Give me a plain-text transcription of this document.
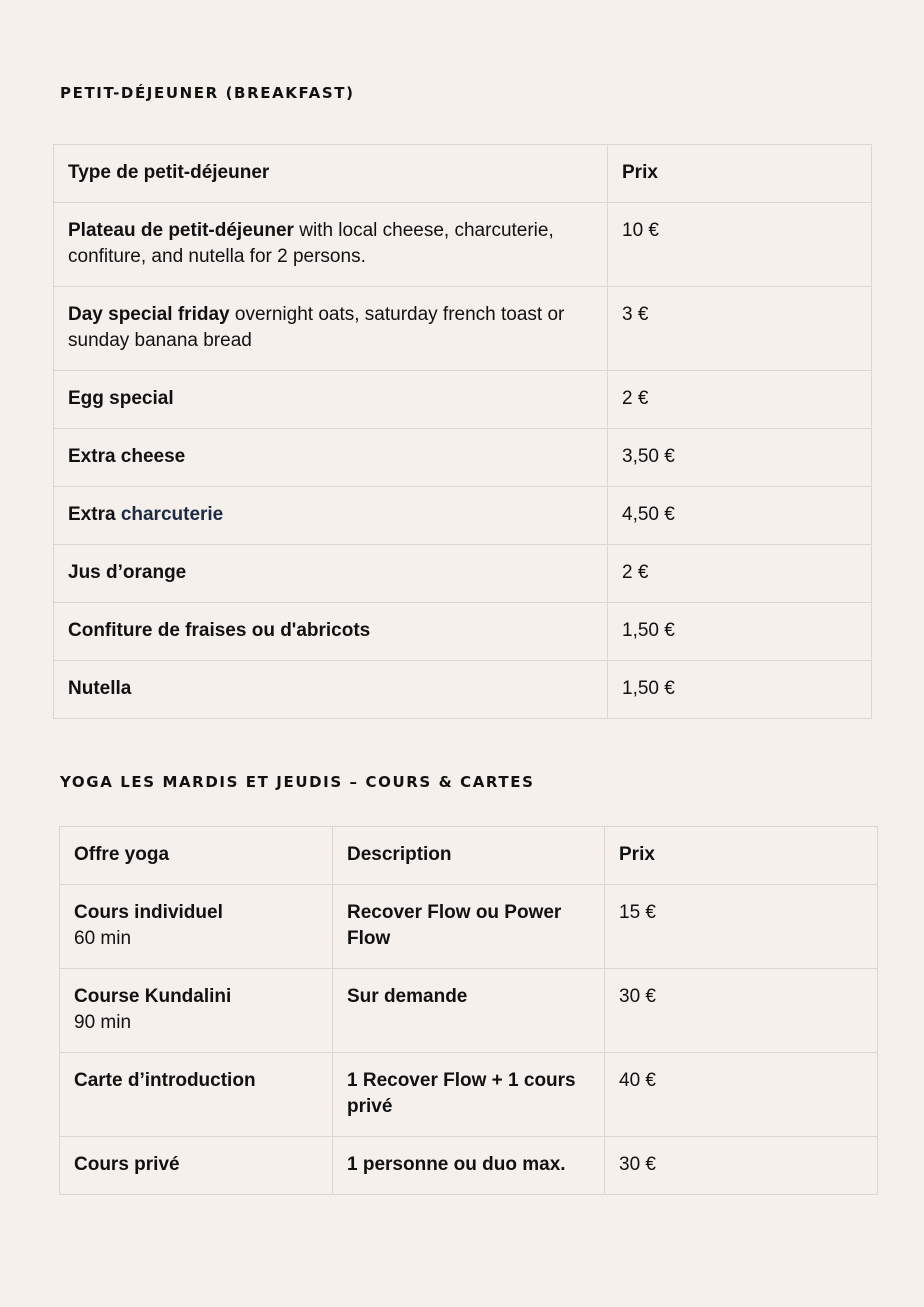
PETIT-DÉJEUNER (BREAKFAST)
Type de petit-déjeuner	Prix
Plateau de petit-déjeuner with local cheese, charcuterie, confiture, and nutella for 2 persons.	10 €
Day special friday overnight oats, saturday french toast or sunday banana bread	3 €
Egg special	2 €
Extra cheese	3,50 €
Extra charcuterie	4,50 €
Jus d’orange	2 €
Confiture de fraises ou d'abricots	1,50 €
Nutella	1,50 €
YOGA LES MARDIS ET JEUDIS – COURS & CARTES
Offre yoga	Description	Prix

Cours individuel
60 min	Recover Flow ou Power Flow	15 €

Course Kundalini
90 min	Sur demande	30 €
Carte d’introduction	1 Recover Flow + 1 cours privé	40 €
Cours privé	1 personne ou duo max.	30 €
